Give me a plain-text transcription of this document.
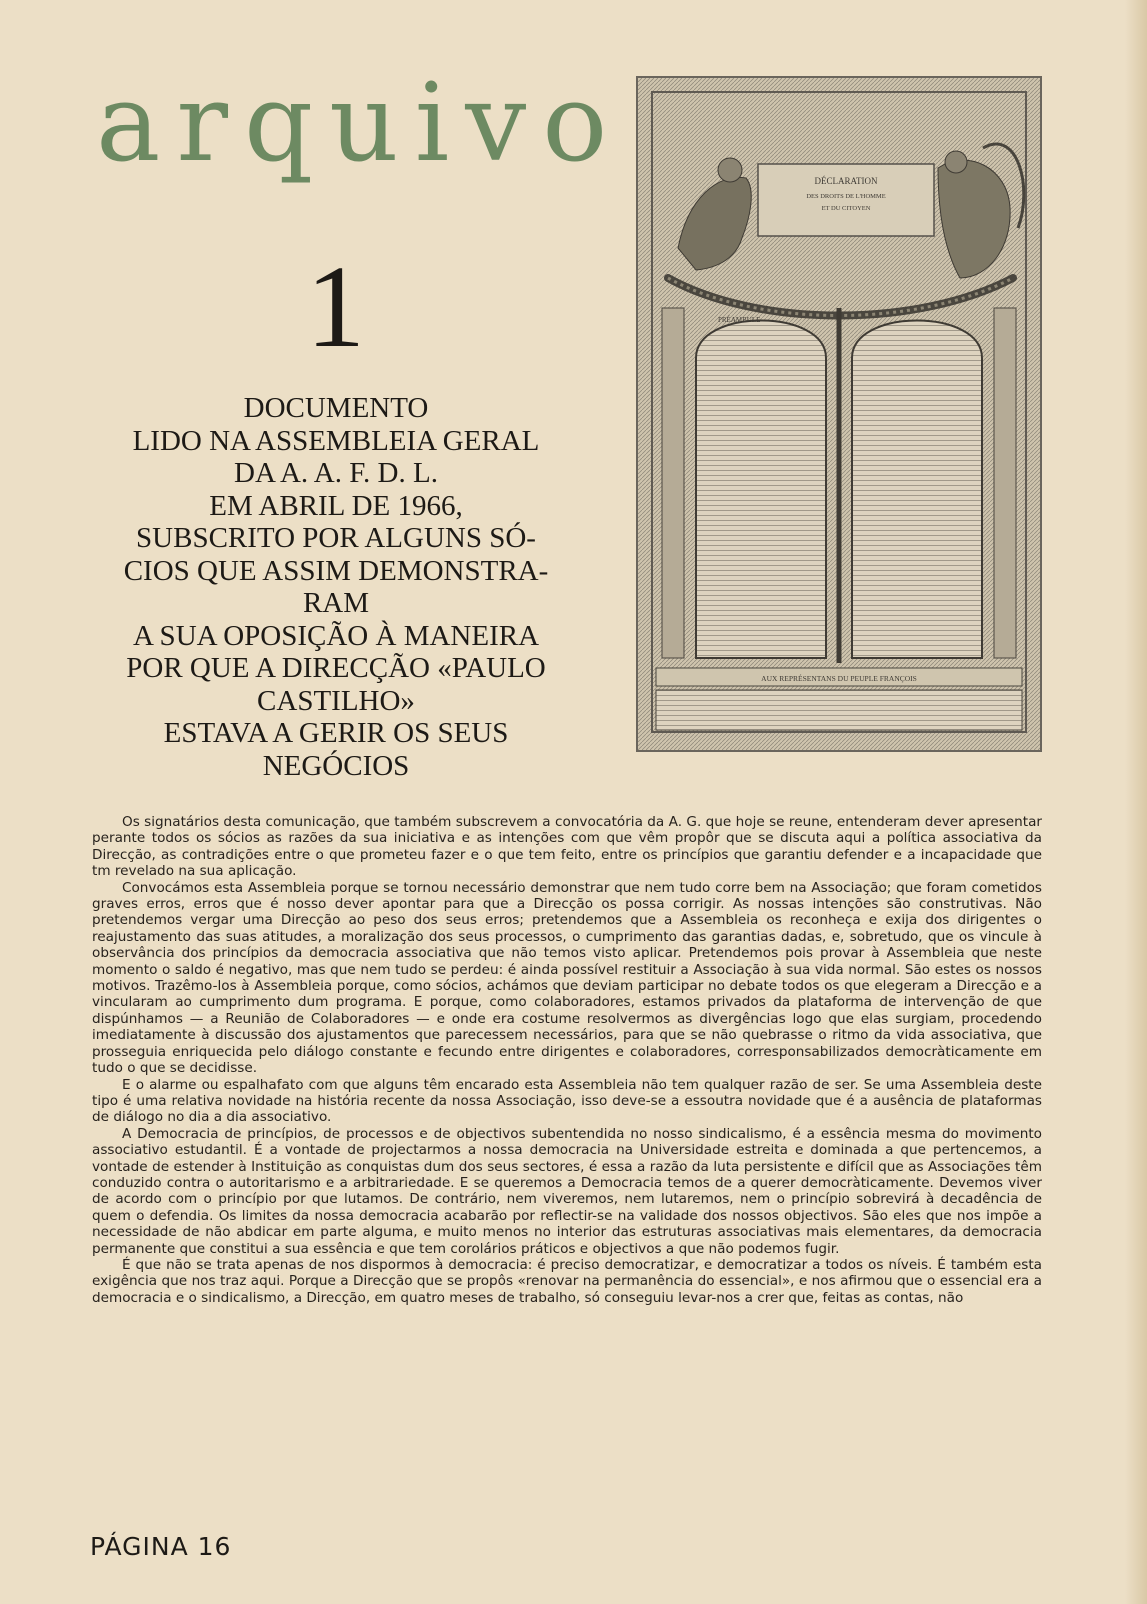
arquivo
1
DOCUMENTO
LIDO NA ASSEMBLEIA GERAL
DA A. A. F. D. L.
EM ABRIL DE 1966,
SUBSCRITO POR ALGUNS SÓ-
CIOS QUE ASSIM DEMONSTRA-
RAM
A SUA OPOSIÇÃO À MANEIRA
POR QUE A DIRECÇÃO «PAULO
CASTILHO»
ESTAVA A GERIR OS SEUS
NEGÓCIOS
DÉCLARATION
DES DROITS DE L'HOMME
ET DU CITOYEN
PRÉAMBULE
AUX REPRÉSENTANS DU PEUPLE FRANÇOIS

Os signatários desta comunicação, que também subscrevem a convocatória da A. G. que hoje se reune, entenderam dever apresentar perante todos os sócios as razões da sua iniciativa e as intenções com que vêm propôr que se discuta aqui a política associativa da Direcção, as contradições entre o que prometeu fazer e o que tem feito, entre os princípios que garantiu defender e a incapacidade que tm revelado na sua aplicação.

Convocámos esta Assembleia porque se tornou necessário demonstrar que nem tudo corre bem na Associação; que foram cometidos graves erros, erros que é nosso dever apontar para que a Direcção os possa corrigir. As nossas intenções são construtivas. Não pretendemos vergar uma Direcção ao peso dos seus erros; pretendemos que a Assembleia os reconheça e exija dos dirigentes o reajustamento das suas atitudes, a moralização dos seus processos, o cumprimento das garantias dadas, e, sobretudo, que os vincule à observância dos princípios da democracia associativa que não temos visto aplicar. Pretendemos pois provar à Assembleia que neste momento o saldo é negativo, mas que nem tudo se perdeu: é ainda possível restituir a Associação à sua vida normal. São estes os nossos motivos. Trazêmo-los à Assembleia porque, como sócios, achámos que deviam participar no debate todos os que elegeram a Direcção e a vincularam ao cumprimento dum programa. E porque, como colaboradores, estamos privados da plataforma de intervenção de que dispúnhamos — a Reunião de Colaboradores — e onde era costume resolvermos as divergências logo que elas surgiam, procedendo imediatamente à discussão dos ajustamentos que parecessem necessários, para que se não quebrasse o ritmo da vida associativa, que prosseguia enriquecida pelo diálogo constante e fecundo entre dirigentes e colaboradores, corresponsabilizados democràticamente em tudo o que se decidisse.

E o alarme ou espalhafato com que alguns têm encarado esta Assembleia não tem qualquer razão de ser. Se uma Assembleia deste tipo é uma relativa novidade na história recente da nossa Associação, isso deve-se a essoutra novidade que é a ausência de plataformas de diálogo no dia a dia associativo.

A Democracia de princípios, de processos e de objectivos subentendida no nosso sindicalismo, é a essência mesma do movimento associativo estudantil. É a vontade de projectarmos a nossa democracia na Universidade estreita e dominada a que pertencemos, a vontade de estender à Instituição as conquistas dum dos seus sectores, é essa a razão da luta persistente e difícil que as Associações têm conduzido contra o autoritarismo e a arbitrariedade. E se queremos a Democracia temos de a querer democràticamente. Devemos viver de acordo com o princípio por que lutamos. De contrário, nem viveremos, nem lutaremos, nem o princípio sobrevirá à decadência de quem o defendia. Os limites da nossa democracia acabarão por reflectir-se na validade dos nossos objectivos. São eles que nos impõe a necessidade de não abdicar em parte alguma, e muito menos no interior das estruturas associativas mais elementares, da democracia permanente que constitui a sua essência e que tem corolários práticos e objectivos a que não podemos fugir.

É que não se trata apenas de nos dispormos à democracia: é preciso democratizar, e democratizar a todos os níveis. É também esta exigência que nos traz aqui. Porque a Direcção que se propôs «renovar na permanência do essencial», e nos afirmou que o essencial era a democracia e o sindicalismo, a Direcção, em quatro meses de trabalho, só conseguiu levar-nos a crer que, feitas as contas, não

PÁGINA 16
